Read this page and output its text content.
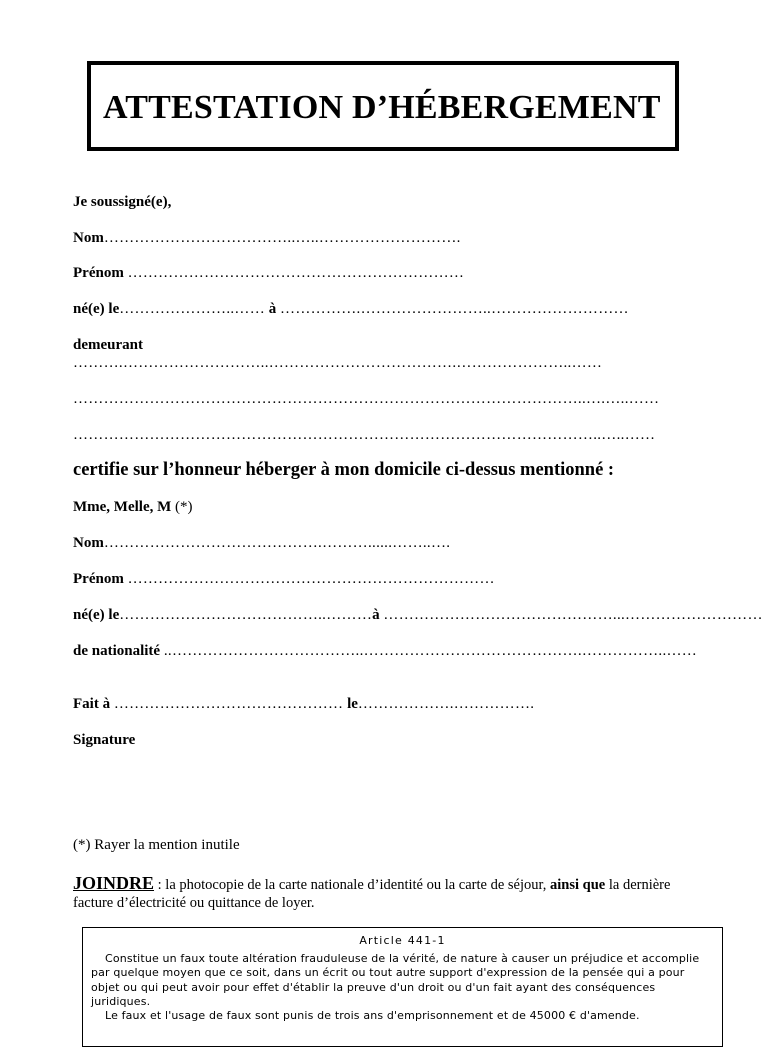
ATTESTATION D’HÉBERGEMENT
Je soussigné(e),
Nom………………………………..…..……………………….
Prénom …………………………………………………………
né(e) le…………………..…… à …………….……………………..………………………
demeurant
……….………………………..……………………………….…………………..……
………………………………………………………………………………………..….…..……
…………………………………………………………………………………………..…..……
certifie sur l’honneur héberger à mon domicile ci-dessus mentionné :
Mme, Melle, M (*)
Nom…………………………………….………......……..….
Prénom ………………………………………………………………
né(e) le…………………………………..………à ………………………………………...………………………
de nationalité ..………………………………..…………………………………….……………..……
Fait à ……………………………………… le……………….…………….
Signature
(*) Rayer la mention inutile
JOINDRE : la photocopie de la carte nationale d’identité ou la carte de séjour, ainsi que la dernière facture d’électricité ou quittance de loyer.
Article 441-1

Constitue un faux toute altération frauduleuse de la vérité, de nature à causer un préjudice et accomplie par quelque moyen que ce soit, dans un écrit ou tout autre support d'expression de la pensée qui a pour objet ou qui peut avoir pour effet d'établir la preuve d'un droit ou d'un fait ayant des conséquences juridiques.

Le faux et l'usage de faux sont punis de trois ans d'emprisonnement et de 45000 € d'amende.
